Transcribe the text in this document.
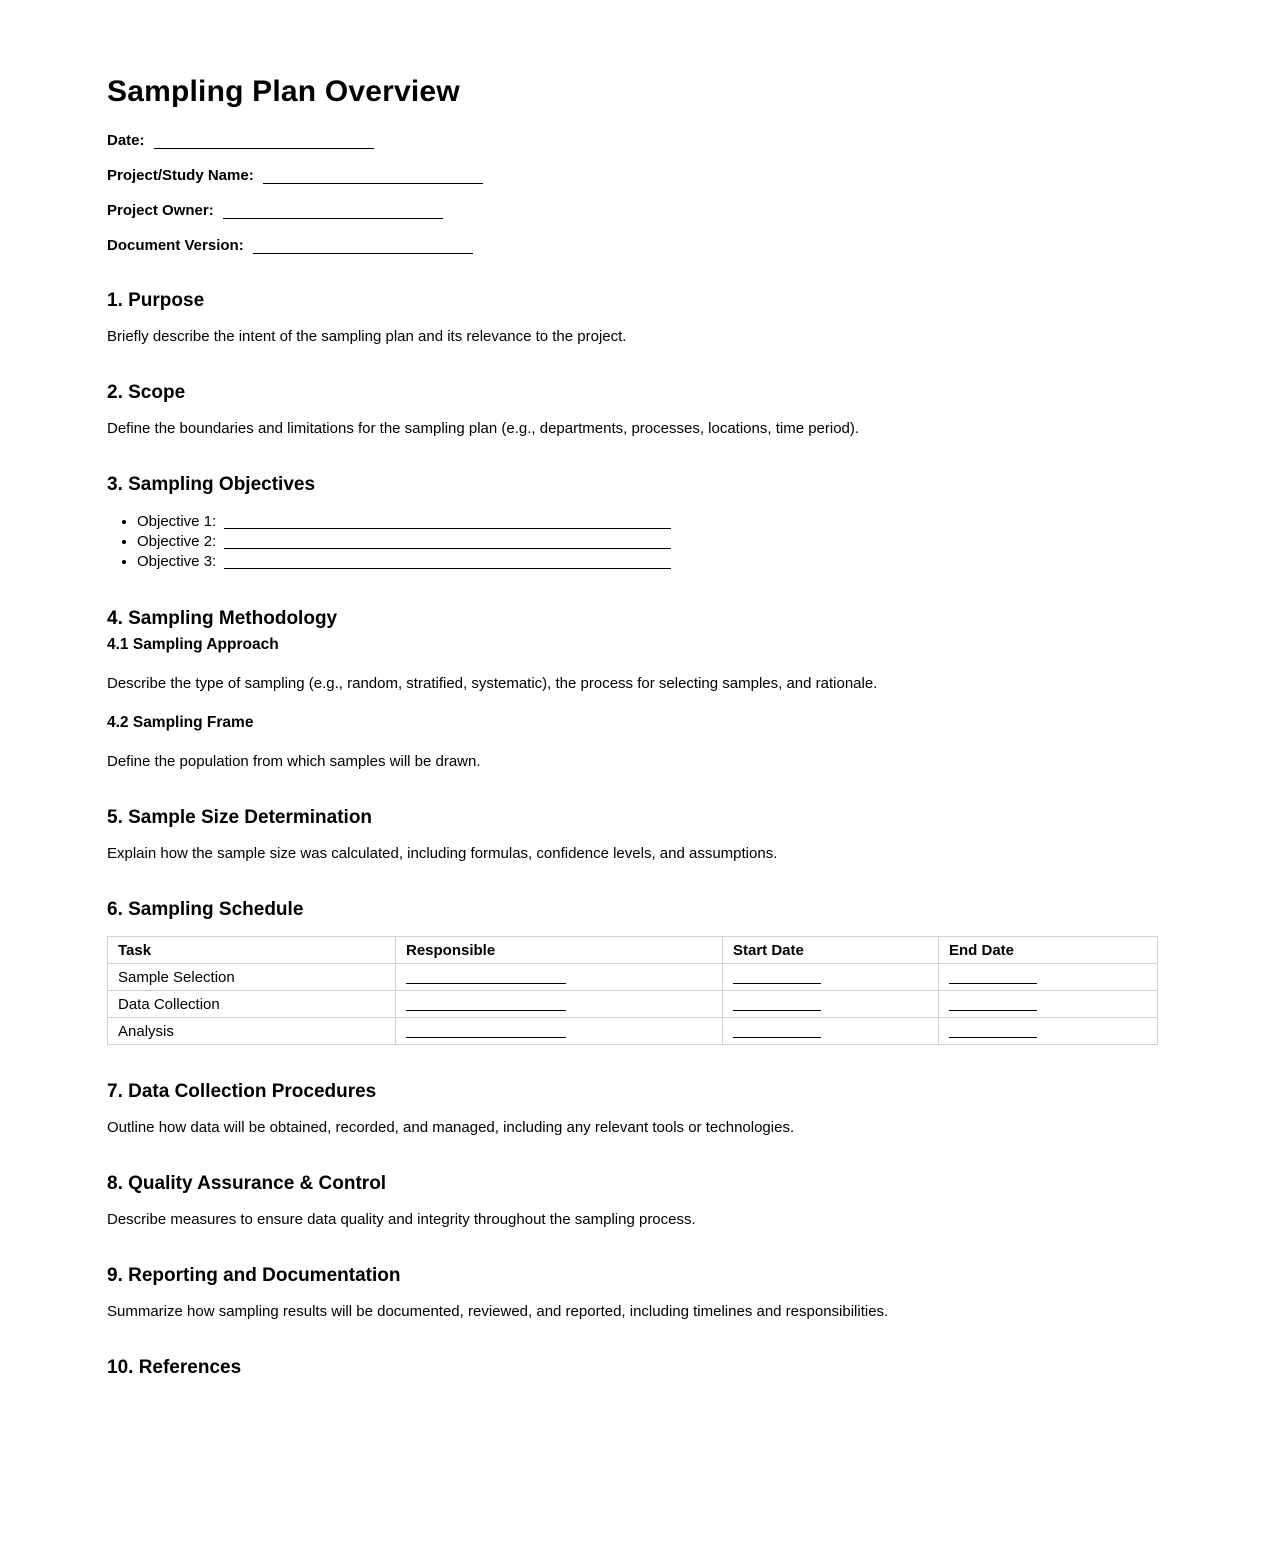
Sampling Plan Overview
Date:
Project/Study Name:
Project Owner:
Document Version:
1. Purpose

Briefly describe the intent of the sampling plan and its relevance to the project.

2. Scope

Define the boundaries and limitations for the sampling plan (e.g., departments, processes, locations, time period).

3. Sampling Objectives
• Objective 1:
• Objective 2:
• Objective 3:
4. Sampling Methodology
4.1 Sampling Approach

Describe the type of sampling (e.g., random, stratified, systematic), the process for selecting samples, and rationale.

4.2 Sampling Frame

Define the population from which samples will be drawn.

5. Sample Size Determination

Explain how the sample size was calculated, including formulas, confidence levels, and assumptions.

6. Sampling Schedule
Task	Responsible	Start Date	End Date
Sample Selection			
Data Collection			
Analysis			
7. Data Collection Procedures

Outline how data will be obtained, recorded, and managed, including any relevant tools or technologies.

8. Quality Assurance & Control

Describe measures to ensure data quality and integrity throughout the sampling process.

9. Reporting and Documentation

Summarize how sampling results will be documented, reviewed, and reported, including timelines and responsibilities.

10. References
